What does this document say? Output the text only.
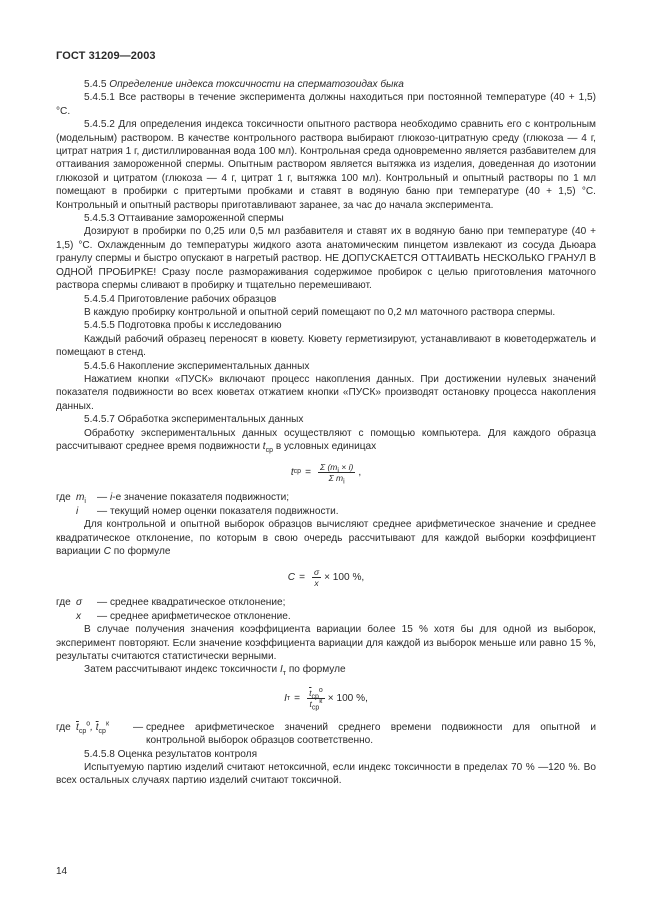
ГОСТ 31209—2003

5.4.5 Определение индекса токсичности на сперматозоидах быка

5.4.5.1 Все растворы в течение эксперимента должны находиться при постоянной температуре (40 + 1,5) °С.

5.4.5.2 Для определения индекса токсичности опытного раствора необходимо сравнить его с контрольным (модельным) раствором. В качестве контрольного раствора выбирают глюкозо-цитратную среду (глюкоза — 4 г, цитрат натрия 1 г, дистиллированная вода 100 мл). Контрольная среда одновременно является разбавителем для оттаивания замороженной спермы. Опытным раствором является вытяжка из изделия, доведенная до изотонии глюкозой и цитратом (глюкоза — 4 г, цитрат 1 г, вытяжка 100 мл). Контрольный и опытный растворы по 1 мл помещают в пробирки с притертыми пробками и ставят в водяную баню при температуре (40 + 1,5) °С. Контрольный и опытный растворы приготавливают заранее, за час до начала эксперимента.

5.4.5.3 Оттаивание замороженной спермы

Дозируют в пробирки по 0,25 или 0,5 мл разбавителя и ставят их в водяную баню при температуре (40 + 1,5) °С. Охлажденным до температуры жидкого азота анатомическим пинцетом извлекают из сосуда Дьюара гранулу спермы и быстро опускают в нагретый раствор. НЕ ДОПУСКАЕТСЯ ОТТАИВАТЬ НЕСКОЛЬКО ГРАНУЛ В ОДНОЙ ПРОБИРКЕ! Сразу после размораживания содержимое пробирок с целью приготовления маточного раствора спермы сливают в пробирку и тщательно перемешивают.

5.4.5.4 Приготовление рабочих образцов

В каждую пробирку контрольной и опытной серий помещают по 0,2 мл маточного раствора спермы.

5.4.5.5 Подготовка пробы к исследованию

Каждый рабочий образец переносят в кювету. Кювету герметизируют, устанавливают в кюветодержатель и помещают в стенд.

5.4.5.6 Накопление экспериментальных данных

Нажатием кнопки «ПУСК» включают процесс накопления данных. При достижении нулевых значений показателя подвижности во всех кюветах отжатием кнопки «ПУСК» производят остановку процесса накопления данных.

5.4.5.7 Обработка экспериментальных данных

Обработку экспериментальных данных осуществляют с помощью компьютера. Для каждого образца рассчитывают среднее время подвижности $t_{ср}$ в условных единицах

t ср = $\frac{\Sigma (m_i \times i)}{\Sigma m_i}$ ,
где $m_i$	— i-е значение показателя подвижности;
i	— текущий номер оценки показателя подвижности.

Для контрольной и опытной выборок образцов вычисляют среднее арифметическое значение и среднее квадратическое отклонение, по которым в свою очередь рассчитывают для каждой выборки коэффициент вариации С по формуле

$C = \frac{\sigma}{x} \times 100$ %,
где σ	— среднее квадратическое отклонение;
x	— среднее арифметическое отклонение.

В случае получения значения коэффициента вариации более 15 % хотя бы для одной из выборок, эксперимент повторяют. Если значение коэффициента вариации для каждой из выборок меньше или равно 15 %, результаты считаются статистически верными.

Затем рассчитывают индекс токсичности $I_т$ по формуле

I $т = \frac{\overline{t}_{ср}^о}{\overline{t}_{ср}^к} \times 100$ %,
где $\overline{t}_{ср}^о$, $\overline{t}_{ср}^к$	— среднее арифметическое значений среднего времени подвижности для опытной и контрольной выборок образцов соответственно.

5.4.5.8 Оценка результатов контроля

Испытуемую партию изделий считают нетоксичной, если индекс токсичности в пределах 70 % —120 %. Во всех остальных случаях партию изделий считают токсичной.

14
